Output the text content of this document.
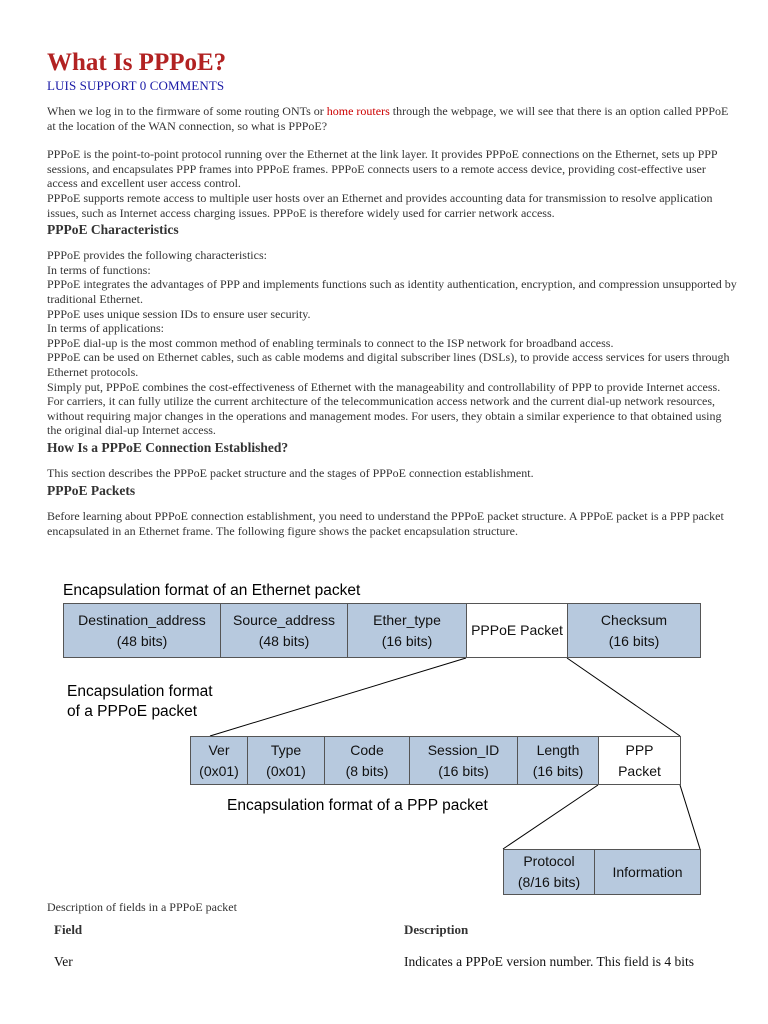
What Is PPPoE?
LUIS SUPPORT 0 COMMENTS

When we log in to the firmware of some routing ONTs or home routers through the webpage, we will see that there is an option called PPPoE at the location of the WAN connection, so what is PPPoE?

PPPoE is the point-to-point protocol running over the Ethernet at the link layer. It provides PPPoE connections on the Ethernet, sets up PPP sessions, and encapsulates PPP frames into PPPoE frames. PPPoE connects users to a remote access device, providing cost-effective user access and excellent user access control.

PPPoE supports remote access to multiple user hosts over an Ethernet and provides accounting data for transmission to resolve application issues, such as Internet access charging issues. PPPoE is therefore widely used for carrier network access.

PPPoE Characteristics

PPPoE provides the following characteristics:

In terms of functions:

PPPoE integrates the advantages of PPP and implements functions such as identity authentication, encryption, and compression unsupported by traditional Ethernet.

PPPoE uses unique session IDs to ensure user security.

In terms of applications:

PPPoE dial-up is the most common method of enabling terminals to connect to the ISP network for broadband access.

PPPoE can be used on Ethernet cables, such as cable modems and digital subscriber lines (DSLs), to provide access services for users through Ethernet protocols.

Simply put, PPPoE combines the cost-effectiveness of Ethernet with the manageability and controllability of PPP to provide Internet access. For carriers, it can fully utilize the current architecture of the telecommunication access network and the current dial-up network resources, without requiring major changes in the operations and management modes. For users, they obtain a similar experience to that obtained using the original dial-up Internet access.

How Is a PPPoE Connection Established?

This section describes the PPPoE packet structure and the stages of PPPoE connection establishment.

PPPoE Packets

Before learning about PPPoE connection establishment, you need to understand the PPPoE packet structure. A PPPoE packet is a PPP packet encapsulated in an Ethernet frame. The following figure shows the packet encapsulation structure.

Encapsulation format of an Ethernet packet
Destination_address
(48 bits)
Source_address
(48 bits)
Ether_type
(16 bits)
PPPoE Packet
Checksum
(16 bits)
Encapsulation format
of a PPPoE packet
Ver
(0x01)
Type
(0x01)
Code
(8 bits)
Session_ID
(16 bits)
Length
(16 bits)
PPP
Packet
Encapsulation format of a PPP packet
Protocol
(8/16 bits)
Information
Description of fields in a PPPoE packet
Field	Description
Ver	Indicates a PPPoE version number. This field is 4 bits
